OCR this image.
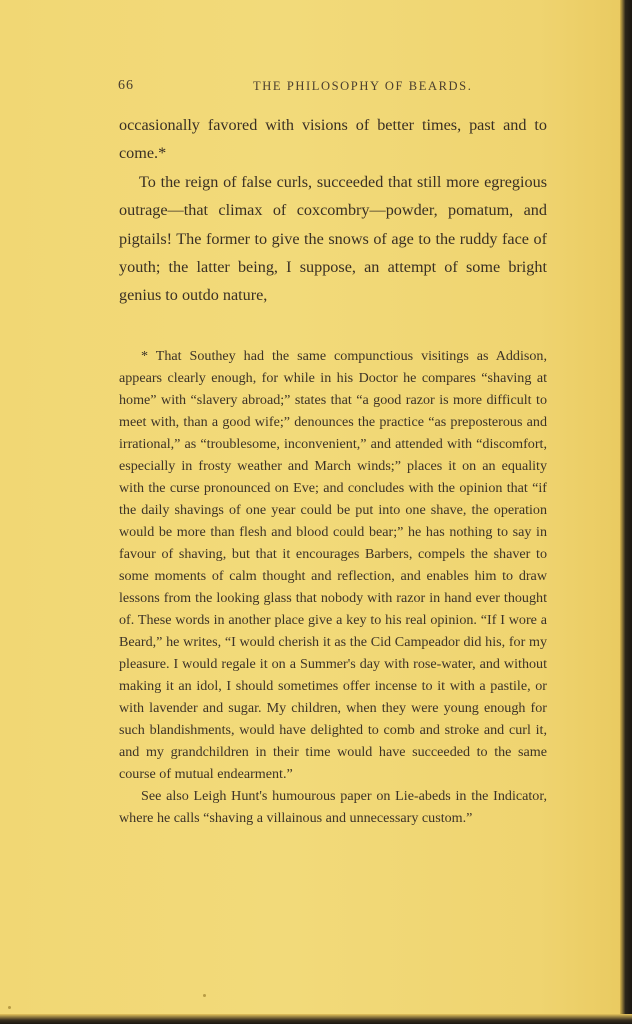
66	THE PHILOSOPHY OF BEARDS.

occasionally favored with visions of better times, past and to come.*

To the reign of false curls, succeeded that still more egregious outrage—that climax of coxcombry—powder, pomatum, and pigtails! The former to give the snows of age to the ruddy face of youth; the latter being, I suppose, an attempt of some bright genius to outdo nature,

* That Southey had the same compunctious visitings as Addison, appears clearly enough, for while in his Doctor he compares “shaving at home” with “slavery abroad;” states that “a good razor is more difficult to meet with, than a good wife;” denounces the practice “as preposterous and irrational,” as “troublesome, inconvenient,” and attended with “discomfort, especially in frosty weather and March winds;” places it on an equality with the curse pronounced on Eve; and concludes with the opinion that “if the daily shavings of one year could be put into one shave, the operation would be more than flesh and blood could bear;” he has nothing to say in favour of shaving, but that it encourages Barbers, compels the shaver to some moments of calm thought and reflection, and enables him to draw lessons from the looking glass that nobody with razor in hand ever thought of. These words in another place give a key to his real opinion. “If I wore a Beard,” he writes, “I would cherish it as the Cid Campeador did his, for my pleasure. I would regale it on a Summer's day with rose-water, and without making it an idol, I should sometimes offer incense to it with a pastile, or with lavender and sugar. My children, when they were young enough for such blandishments, would have delighted to comb and stroke and curl it, and my grandchildren in their time would have succeeded to the same course of mutual endearment.”

See also Leigh Hunt's humourous paper on Lie-abeds in the Indicator, where he calls “shaving a villainous and unnecessary custom.”
